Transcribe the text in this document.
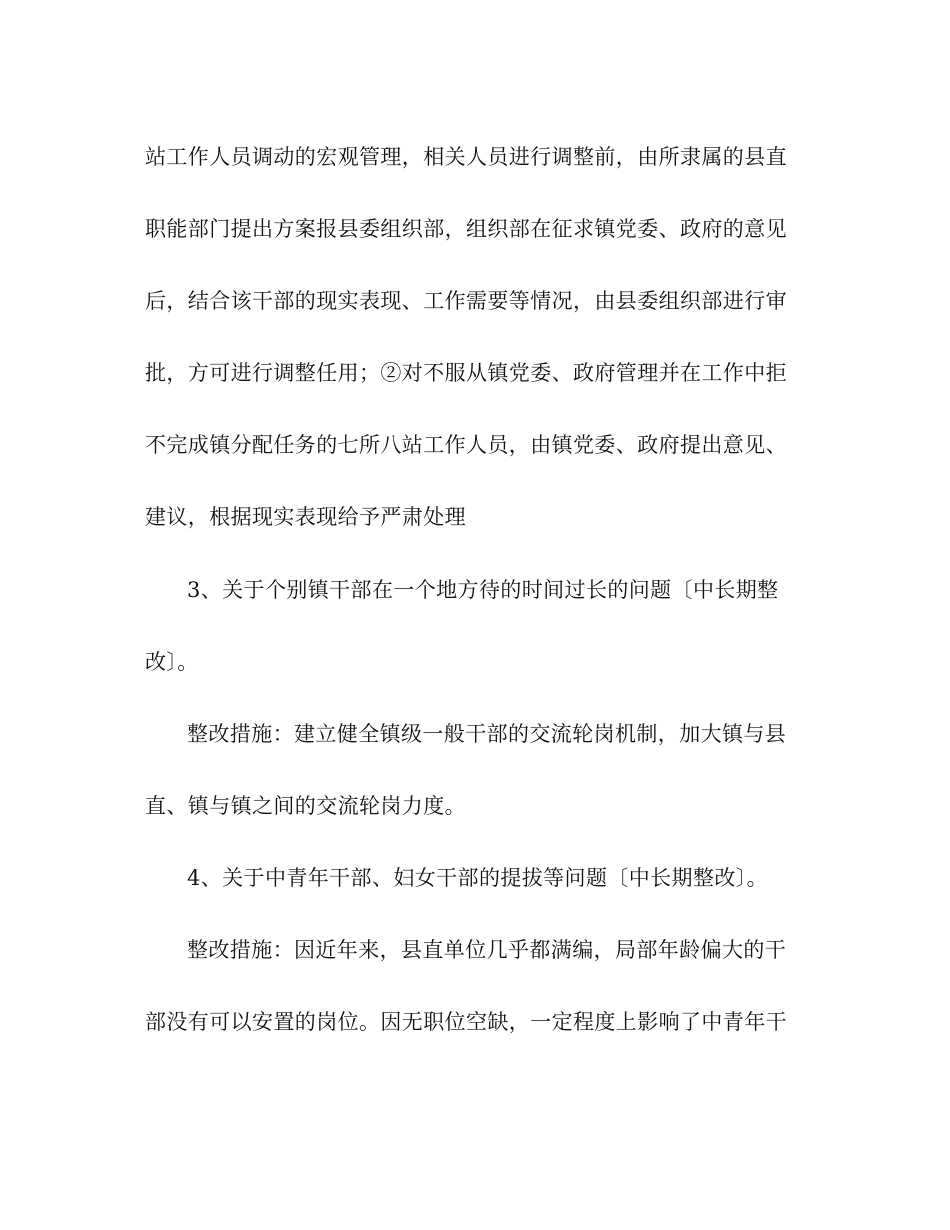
站工作人员调动的宏观管理，相关人员进行调整前，由所隶属的县直

职能部门提出方案报县委组织部，组织部在征求镇党委、政府的意见

后，结合该干部的现实表现、工作需要等情况，由县委组织部进行审

批，方可进行调整任用；②对不服从镇党委、政府管理并在工作中拒

不完成镇分配任务的七所八站工作人员，由镇党委、政府提出意见、

建议，根据现实表现给予严肃处理

3、关于个别镇干部在一个地方待的时间过长的问题〔中长期整

改〕。

整改措施：建立健全镇级一般干部的交流轮岗机制，加大镇与县

直、镇与镇之间的交流轮岗力度。

4、关于中青年干部、妇女干部的提拔等问题〔中长期整改〕。

整改措施：因近年来，县直单位几乎都满编，局部年龄偏大的干

部没有可以安置的岗位。因无职位空缺，一定程度上影响了中青年干
